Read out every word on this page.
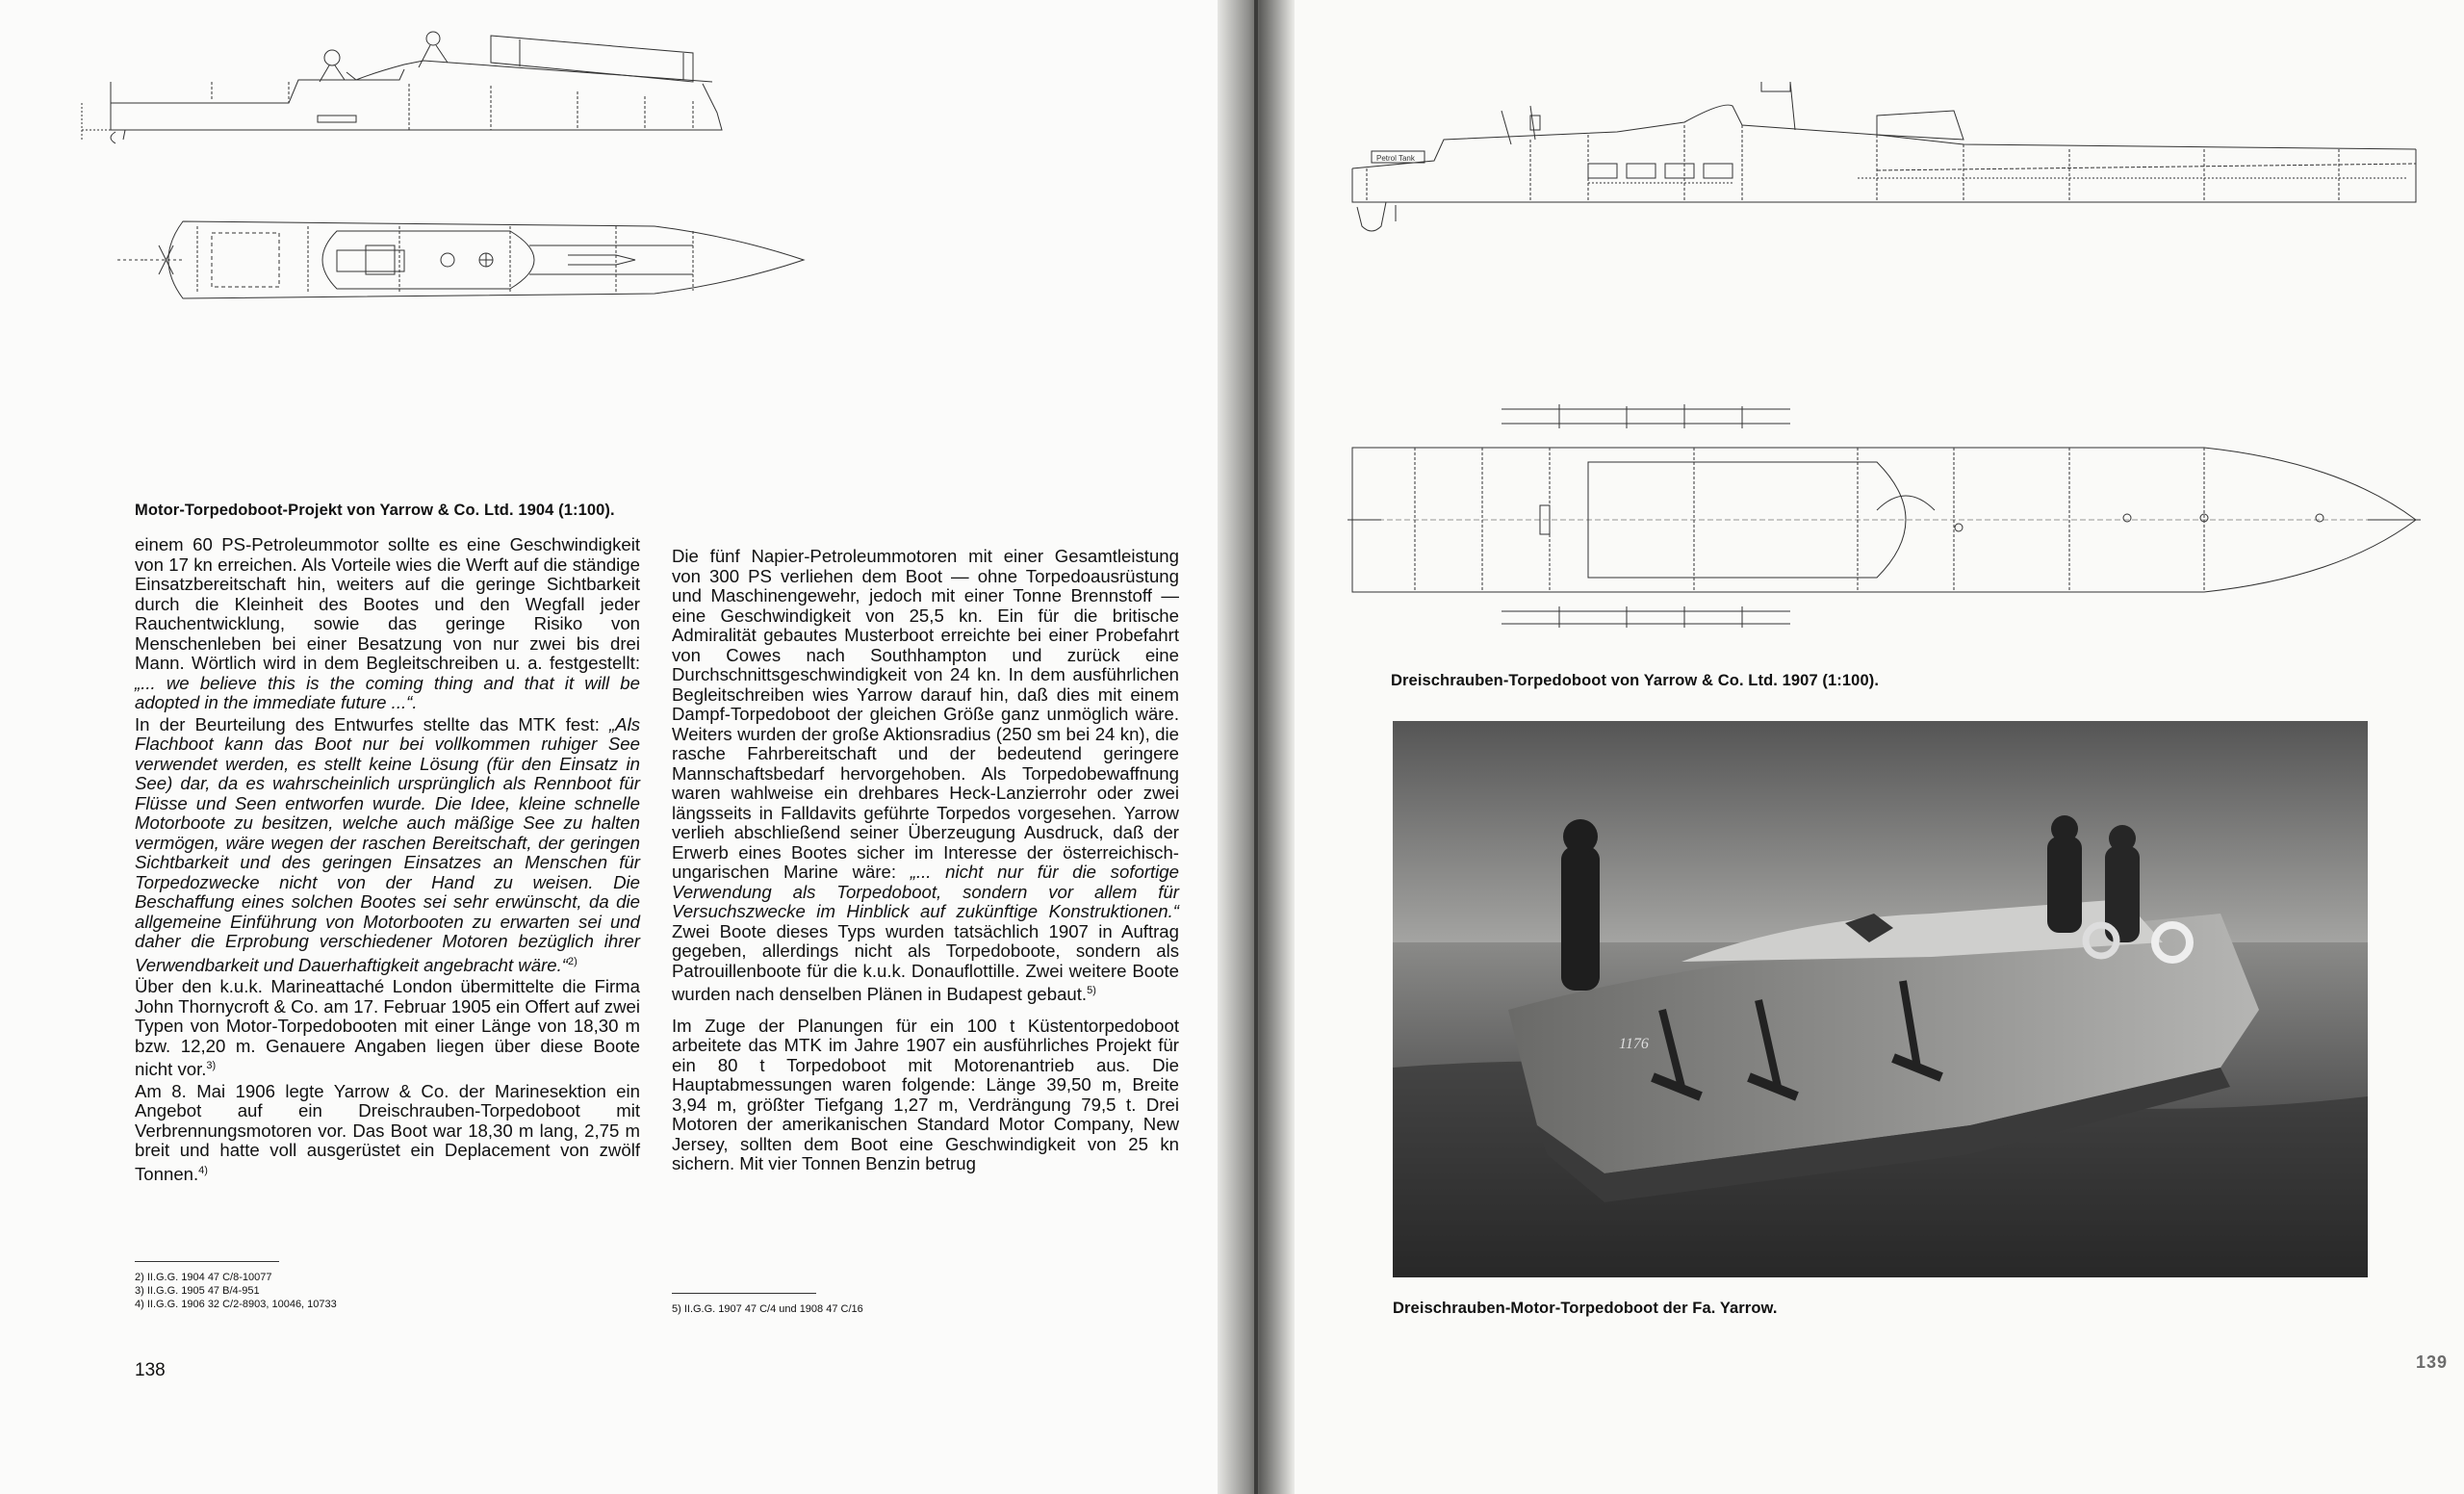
Motor-Torpedoboot-Projekt von Yarrow & Co. Ltd. 1904 (1:100).

einem 60 PS-Petroleummotor sollte es eine Geschwindigkeit von 17 kn erreichen. Als Vorteile wies die Werft auf die ständige Einsatzbereitschaft hin, weiters auf die geringe Sichtbarkeit durch die Kleinheit des Bootes und den Wegfall jeder Rauchentwicklung, sowie das geringe Risiko von Menschenleben bei einer Besatzung von nur zwei bis drei Mann. Wörtlich wird in dem Begleitschreiben u. a. festgestellt: „... we believe this is the coming thing and that it will be adopted in the immediate future ...“.

In der Beurteilung des Entwurfes stellte das MTK fest: „Als Flachboot kann das Boot nur bei vollkommen ruhiger See verwendet werden, es stellt keine Lösung (für den Einsatz in See) dar, da es wahrscheinlich ursprünglich als Rennboot für Flüsse und Seen entworfen wurde. Die Idee, kleine schnelle Motorboote zu besitzen, welche auch mäßige See zu halten vermögen, wäre wegen der raschen Bereitschaft, der geringen Sichtbarkeit und des geringen Einsatzes an Menschen für Torpedozwecke nicht von der Hand zu weisen. Die Beschaffung eines solchen Bootes sei sehr erwünscht, da die allgemeine Einführung von Motorbooten zu erwarten sei und daher die Erprobung verschiedener Motoren bezüglich ihrer Verwendbarkeit und Dauerhaftigkeit angebracht wäre.“$^{2)}$

Über den k.u.k. Marineattaché London übermittelte die Firma John Thornycroft & Co. am 17. Februar 1905 ein Offert auf zwei Typen von Motor-Torpedobooten mit einer Länge von 18,30 m bzw. 12,20 m. Genauere Angaben liegen über diese Boote nicht vor.$^{3)}$

Am 8. Mai 1906 legte Yarrow & Co. der Marinesektion ein Angebot auf ein Dreischrauben-Torpedoboot mit Verbrennungsmotoren vor. Das Boot war 18,30 m lang, 2,75 m breit und hatte voll ausgerüstet ein Deplacement von zwölf Tonnen.$^{4)}$

2) II.G.G. 1904 47 C/8-10077
3) II.G.G. 1905 47 B/4-951
4) II.G.G. 1906 32 C/2-8903, 10046, 10733

Die fünf Napier-Petroleummotoren mit einer Gesamtleistung von 300 PS verliehen dem Boot — ohne Torpedoausrüstung und Maschinengewehr, jedoch mit einer Tonne Brennstoff — eine Geschwindigkeit von 25,5 kn. Ein für die britische Admiralität gebautes Musterboot erreichte bei einer Probefahrt von Cowes nach Southhampton und zurück eine Durchschnittsgeschwindigkeit von 24 kn. In dem ausführlichen Begleitschreiben wies Yarrow darauf hin, daß dies mit einem Dampf-Torpedoboot der gleichen Größe ganz unmöglich wäre. Weiters wurden der große Aktionsradius (250 sm bei 24 kn), die rasche Fahrbereitschaft und der bedeutend geringere Mannschaftsbedarf hervorgehoben. Als Torpedobewaffnung waren wahlweise ein drehbares Heck-Lanzierrohr oder zwei längsseits in Falldavits geführte Torpedos vorgesehen. Yarrow verlieh abschließend seiner Überzeugung Ausdruck, daß der Erwerb eines Bootes sicher im Interesse der österreichisch-ungarischen Marine wäre: „... nicht nur für die sofortige Verwendung als Torpedoboot, sondern vor allem für Versuchszwecke im Hinblick auf zukünftige Konstruktionen.“ Zwei Boote dieses Typs wurden tatsächlich 1907 in Auftrag gegeben, allerdings nicht als Torpedoboote, sondern als Patrouillenboote für die k.u.k. Donauflottille. Zwei weitere Boote wurden nach denselben Plänen in Budapest gebaut.$^{5)}$

Im Zuge der Planungen für ein 100 t Küstentorpedoboot arbeitete das MTK im Jahre 1907 ein ausführliches Projekt für ein 80 t Torpedoboot mit Motorenantrieb aus. Die Hauptabmessungen waren folgende: Länge 39,50 m, Breite 3,94 m, größter Tiefgang 1,27 m, Verdrängung 79,5 t. Drei Motoren der amerikanischen Standard Motor Company, New Jersey, sollten dem Boot eine Geschwindigkeit von 25 kn sichern. Mit vier Tonnen Benzin betrug

5) II.G.G. 1907 47 C/4 und 1908 47 C/16
138
Petrol Tank
Dreischrauben-Torpedoboot von Yarrow & Co. Ltd. 1907 (1:100).
1176
Dreischrauben-Motor-Torpedoboot der Fa. Yarrow.
139
